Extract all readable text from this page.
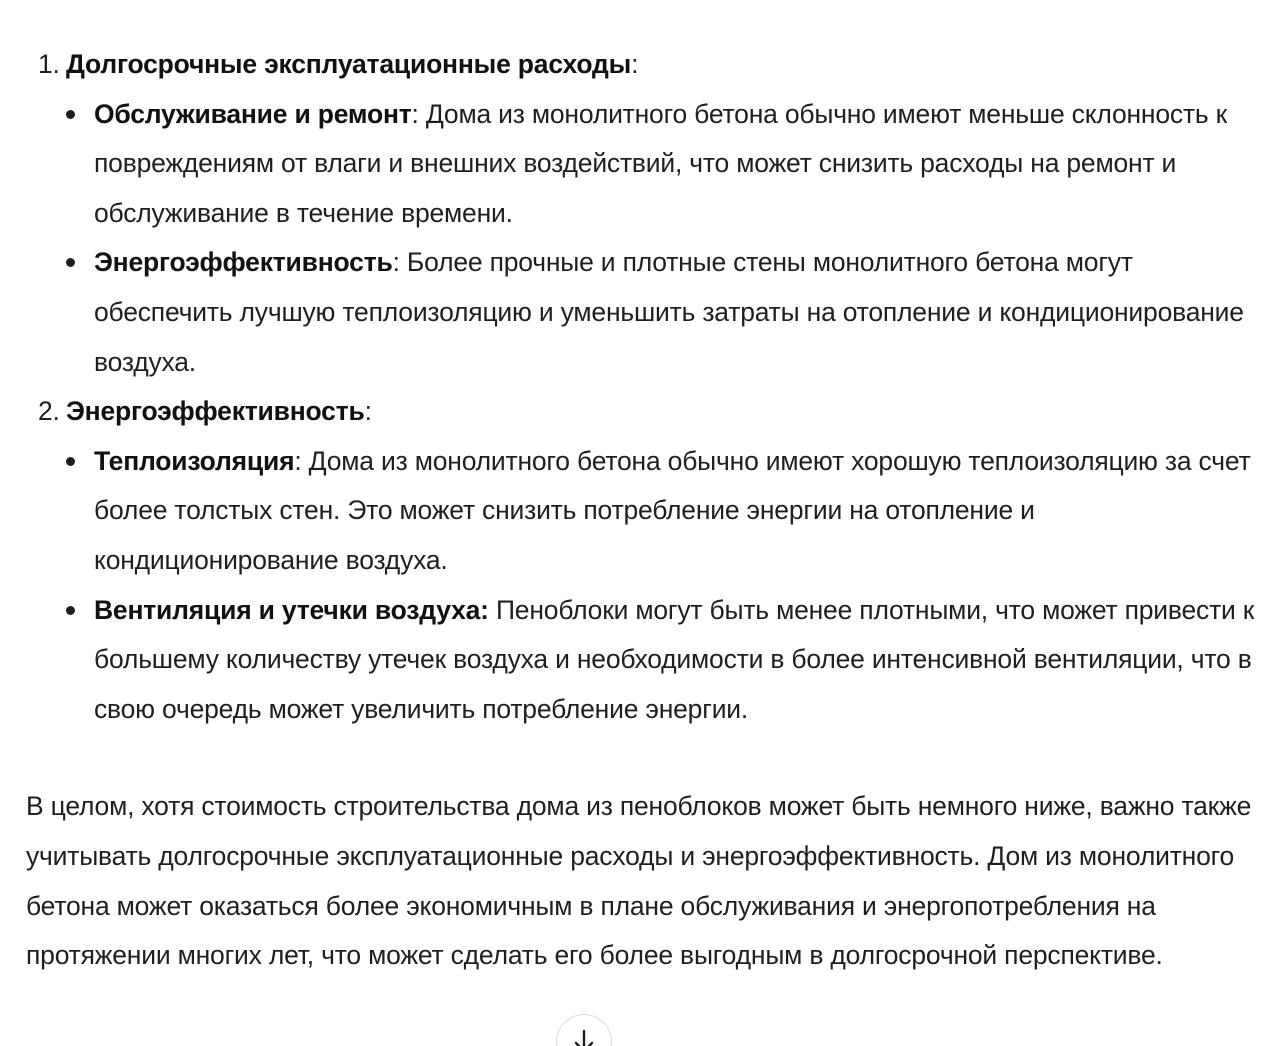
1. Долгосрочные эксплуатационные расходы:
Обслуживание и ремонт: Дома из монолитного бетона обычно имеют меньше склонность к повреждениям от влаги и внешних воздействий, что может снизить расходы на ремонт и обслуживание в течение времени.
Энергоэффективность: Более прочные и плотные стены монолитного бетона могут обеспечить лучшую теплоизоляцию и уменьшить затраты на отопление и кондиционирование воздуха.
2. Энергоэффективность:
Теплоизоляция: Дома из монолитного бетона обычно имеют хорошую теплоизоляцию за счет более толстых стен. Это может снизить потребление энергии на отопление и кондиционирование воздуха.
Вентиляция и утечки воздуха: Пеноблоки могут быть менее плотными, что может привести к большему количеству утечек воздуха и необходимости в более интенсивной вентиляции, что в свою очередь может увеличить потребление энергии.

В целом, хотя стоимость строительства дома из пеноблоков может быть немного ниже, важно также учитывать долгосрочные эксплуатационные расходы и энергоэффективность. Дом из монолитного бетона может оказаться более экономичным в плане обслуживания и энергопотребления на протяжении многих лет, что может сделать его более выгодным в долгосрочной перспективе.
